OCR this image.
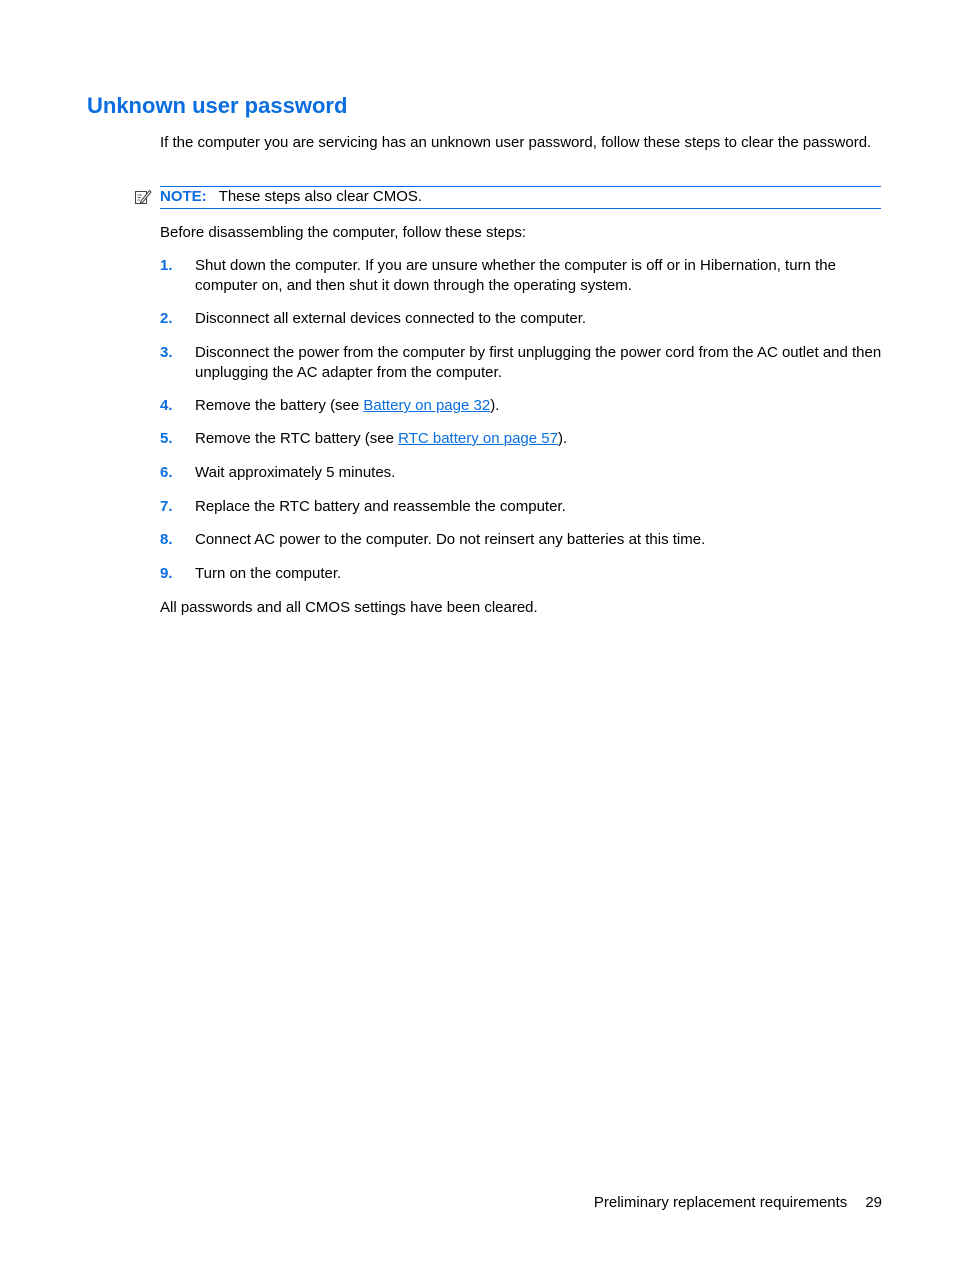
Unknown user password

If the computer you are servicing has an unknown user password, follow these steps to clear the password.

NOTE: These steps also clear CMOS.

Before disassembling the computer, follow these steps:

1. Shut down the computer. If you are unsure whether the computer is off or in Hibernation, turn the computer on, and then shut it down through the operating system.
2. Disconnect all external devices connected to the computer.
3. Disconnect the power from the computer by first unplugging the power cord from the AC outlet and then unplugging the AC adapter from the computer.
4. Remove the battery (see Battery on page 32).
5. Remove the RTC battery (see RTC battery on page 57).
6. Wait approximately 5 minutes.
7. Replace the RTC battery and reassemble the computer.
8. Connect AC power to the computer. Do not reinsert any batteries at this time.
9. Turn on the computer.

All passwords and all CMOS settings have been cleared.

Preliminary replacement requirements 29
